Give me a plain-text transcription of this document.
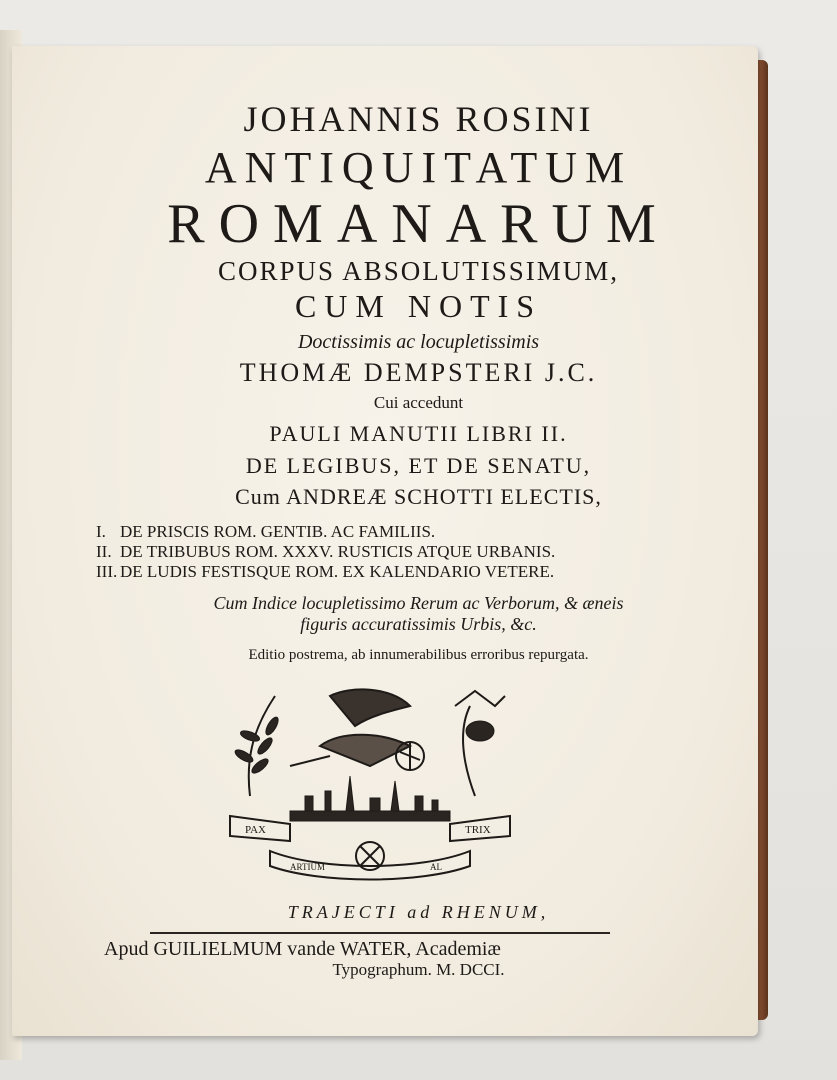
JOHANNIS ROSINI
ANTIQUITATUM
ROMANARUM
CORPUS ABSOLUTISSIMUM,
CUM NOTIS
Doctissimis ac locupletissimis
THOMÆ DEMPSTERI J.C.
Cui accedunt
PAULI MANUTII LIBRI II.
DE LEGIBUS, ET DE SENATU,
Cum ANDREÆ SCHOTTI ELECTIS,
I. DE PRISCIS ROM. GENTIB. AC FAMILIIS.
II. DE TRIBUBUS ROM. XXXV. RUSTICIS ATQUE URBANIS.
III. DE LUDIS FESTISQUE ROM. EX KALENDARIO VETERE.
Cum Indice locupletissimo Rerum ac Verborum, & æneis
figuris accuratissimis Urbis, &c.
Editio postrema, ab innumerabilibus erroribus repurgata.
PAX	TRIX
ARTIUM	AL
TRAJECTI ad RHENUM,
Apud GUILIELMUM vande WATER, Academiæ
Typographum. M. DCCI.
